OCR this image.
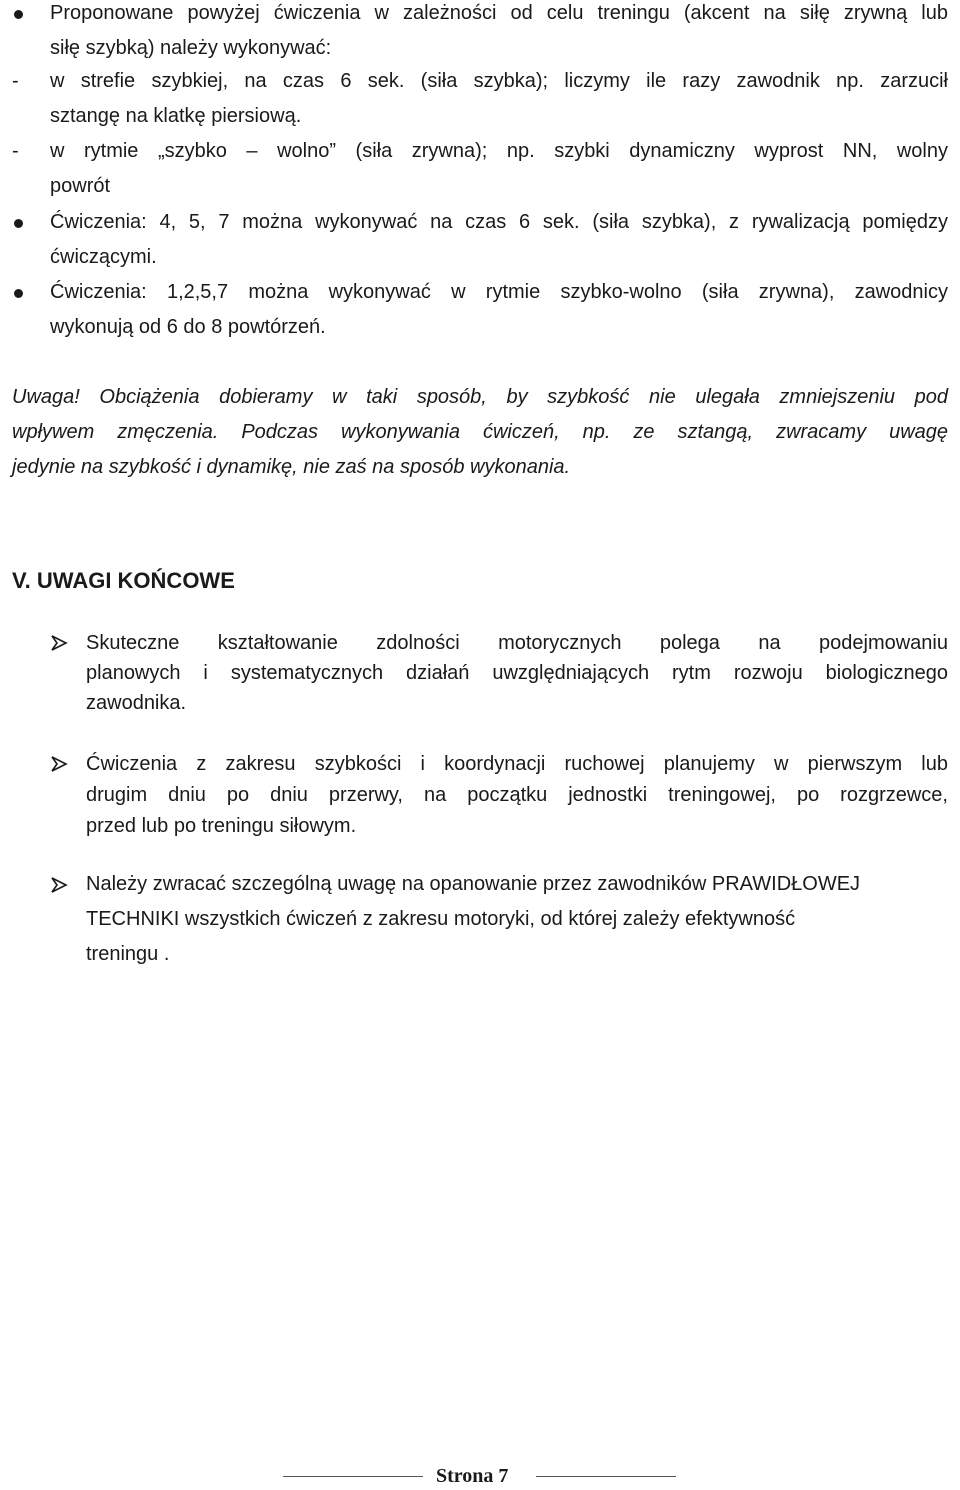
Proponowane powyżej ćwiczenia w zależności od celu treningu (akcent na siłę zrywną lub
siłę szybką) należy wykonywać:
- w strefie szybkiej, na czas 6 sek. (siła szybka); liczymy ile razy zawodnik np. zarzucił
sztangę na klatkę piersiową.
- w rytmie „szybko – wolno” (siła zrywna); np. szybki dynamiczny wyprost NN, wolny
powrót
Ćwiczenia: 4, 5, 7 można wykonywać na czas 6 sek. (siła szybka), z rywalizacją pomiędzy
ćwiczącymi.
Ćwiczenia: 1,2,5,7 można wykonywać w rytmie szybko-wolno (siła zrywna), zawodnicy
wykonują od 6 do 8 powtórzeń.
Uwaga! Obciążenia dobieramy w taki sposób, by szybkość nie ulegała zmniejszeniu pod
wpływem zmęczenia. Podczas wykonywania ćwiczeń, np. ze sztangą, zwracamy uwagę
jedynie na szybkość i dynamikę, nie zaś na sposób wykonania.
V. UWAGI KOŃCOWE
Skuteczne kształtowanie zdolności motorycznych polega na podejmowaniu
planowych i systematycznych działań uwzględniających rytm rozwoju biologicznego
zawodnika.
Ćwiczenia z zakresu szybkości i koordynacji ruchowej planujemy w pierwszym lub
drugim dniu po dniu przerwy, na początku jednostki treningowej, po rozgrzewce,
przed lub po treningu siłowym.
Należy zwracać szczególną uwagę na opanowanie przez zawodników PRAWIDŁOWEJ
TECHNIKI wszystkich ćwiczeń z zakresu motoryki, od której zależy efektywność
treningu .
Strona 7
